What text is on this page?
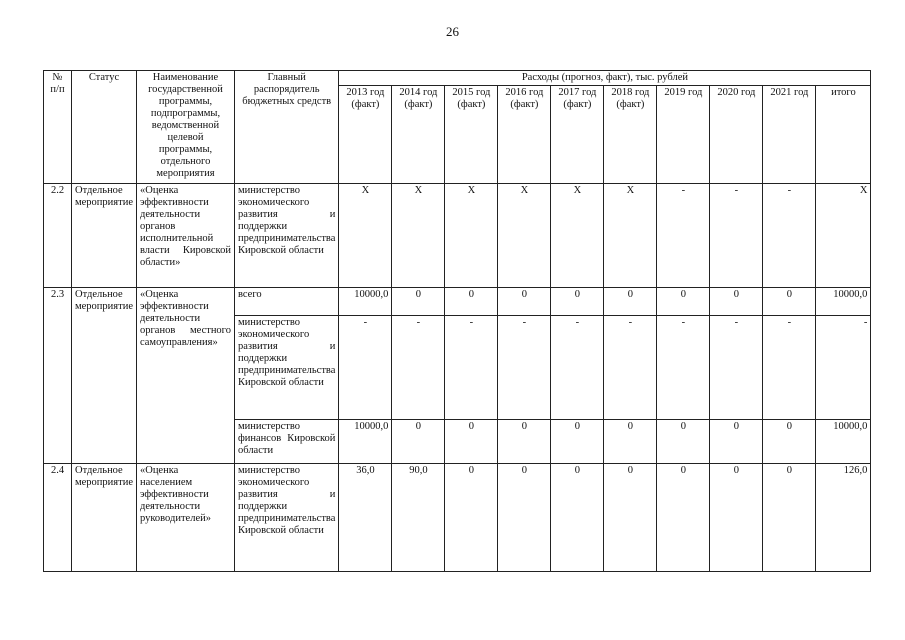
26
№ п/п	Статус	Наименование государственной программы, подпрограммы, ведомственной целевой программы, отдельного мероприятия	Главный распорядитель бюджетных средств	Расходы (прогноз, факт), тыс. рублей									
				2013 год (факт)	2014 год (факт)	2015 год (факт)	2016 год (факт)	2017 год (факт)	2018 год (факт)	2019 год	2020 год	2021 год	итого
2.2	Отдельное мероприятие	«Оценка эффективности деятельности органов исполнительной власти Кировской области»	министерство экономического развития и поддержки предпринимательства Кировской области	X	X	X	X	X	X	-	-	-	X
2.3	Отдельное мероприятие	«Оценка эффективности деятельности органов местного самоуправления»	всего	10000,0	0	0	0	0	0	0	0	0	10000,0
			министерство экономического развития и поддержки предпринимательства Кировской области	-	-	-	-	-	-	-	-	-	-
			министерство финансов Кировской области	10000,0	0	0	0	0	0	0	0	0	10000,0
2.4	Отдельное мероприятие	«Оценка населением эффективности деятельности руководителей»	министерство экономического развития и поддержки предпринимательства Кировской области	36,0	90,0	0	0	0	0	0	0	0	126,0
